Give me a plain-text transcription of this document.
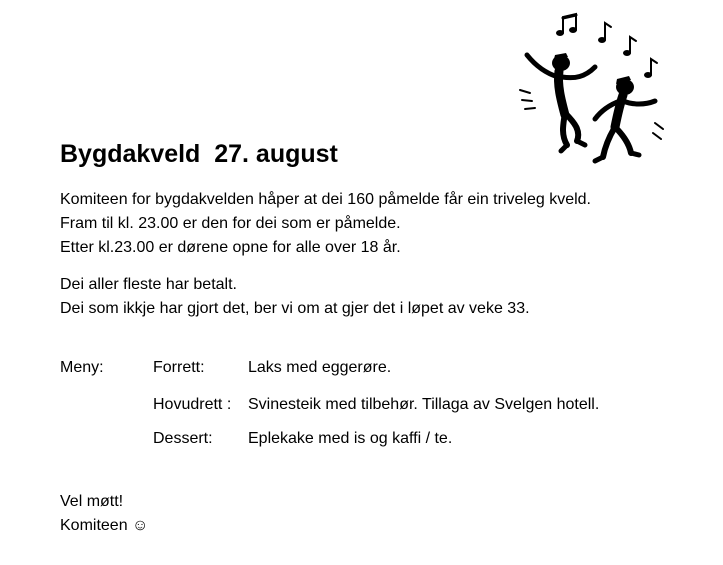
Bygdakveld  27. august
Komiteen for bygdakvelden håper at dei 160 påmelde får ein triveleg kveld.
Fram til kl. 23.00 er den for dei som er påmelde.
Etter kl.23.00 er dørene opne for alle over 18 år.
Dei aller fleste har betalt.
Dei som ikkje har gjort det, ber vi om at gjer det i løpet av veke 33.
Meny:	Forrett:	Laks med eggerøre.
Hovudrett : Svinesteik med tilbehør. Tillaga av Svelgen hotell.
Dessert: Eplekake med is og kaffi / te.
Vel møtt!
Komiteen ☺
